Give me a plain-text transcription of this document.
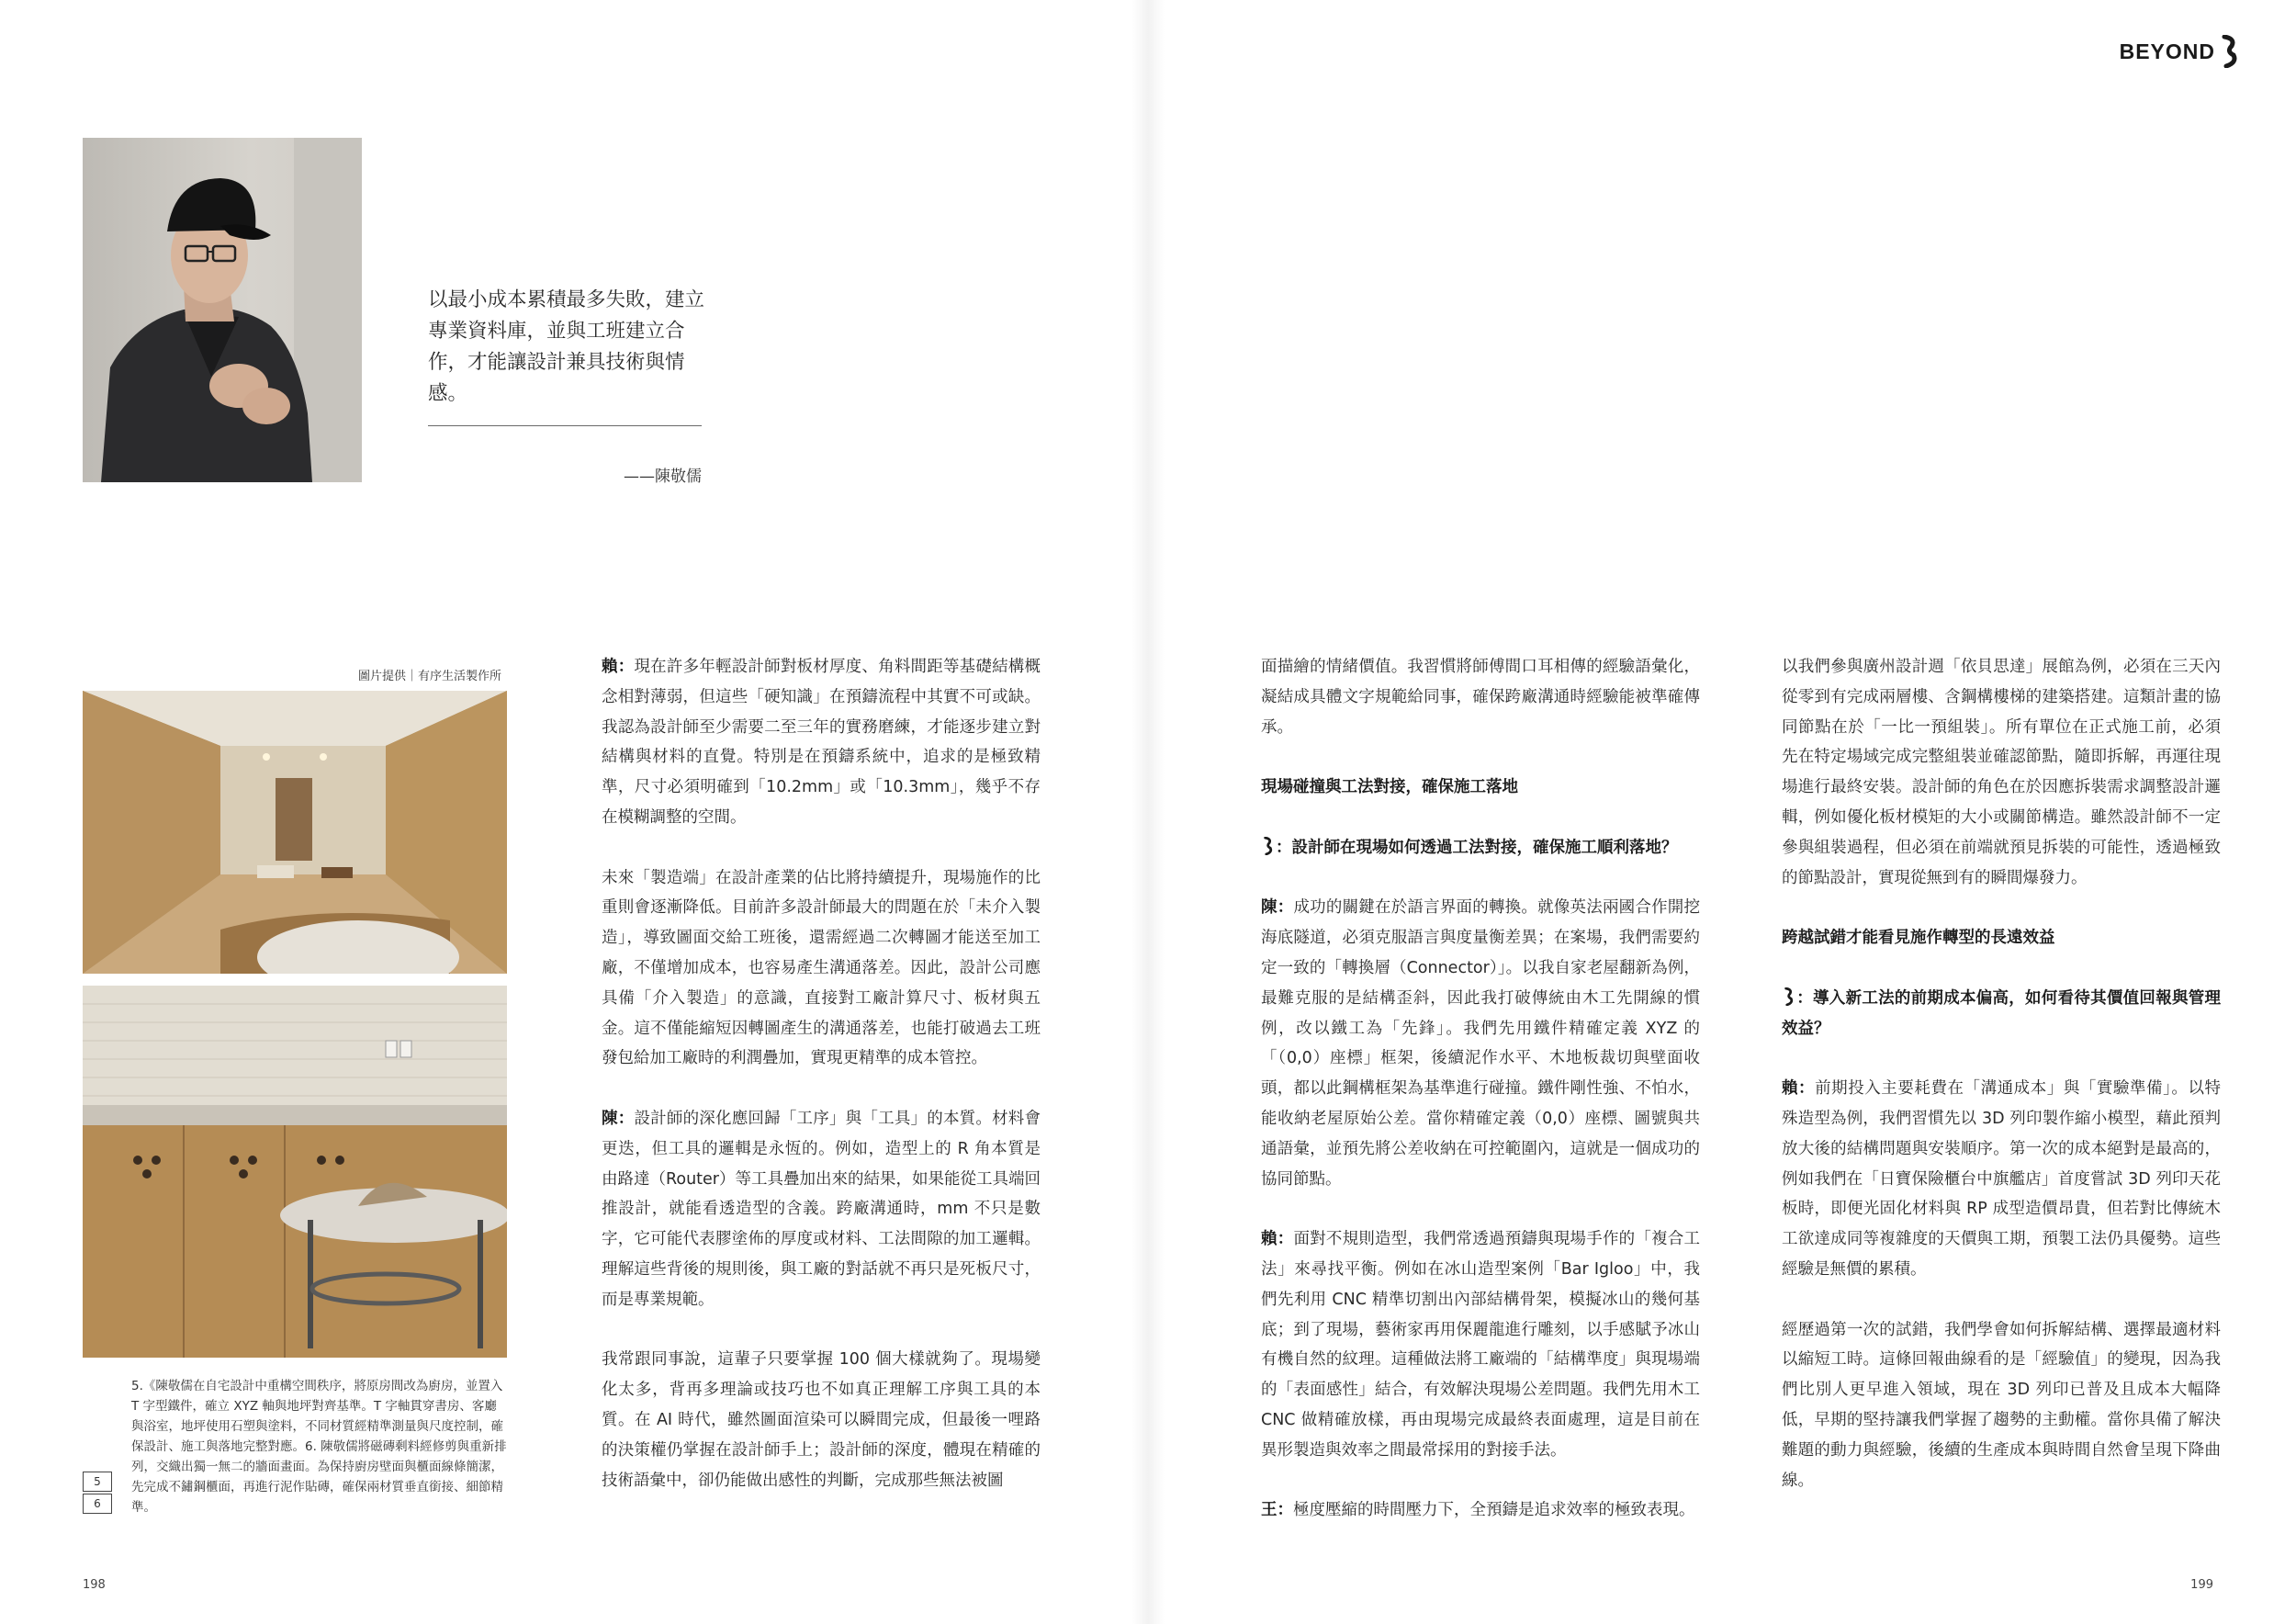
BEYOND
以最小成本累積最多失敗，建立專業資料庫，並與工班建立合作，才能讓設計兼具技術與情感。
——陳敬儒
圖片提供｜有序生活製作所
5.《陳敬儒在自宅設計中重構空間秩序，將原房間改為廚房，並置入 T 字型鐵件，確立 XYZ 軸與地坪對齊基準。T 字軸貫穿書房、客廳與浴室，地坪使用石塑與塗料，不同材質經精準測量與尺度控制，確保設計、施工與落地完整對應。6. 陳敬儒將磁磚剩料經修剪與重新排列，交織出獨一無二的牆面畫面。為保持廚房壁面與櫃面線條簡潔，先完成不鏽鋼櫃面，再進行泥作貼磚，確保兩材質垂直銜接、細節精準。
5
6

賴：現在許多年輕設計師對板材厚度、角料間距等基礎結構概念相對薄弱，但這些「硬知識」在預鑄流程中其實不可或缺。我認為設計師至少需要二至三年的實務磨練，才能逐步建立對結構與材料的直覺。特別是在預鑄系統中，追求的是極致精準，尺寸必須明確到「10.2mm」或「10.3mm」，幾乎不存在模糊調整的空間。

未來「製造端」在設計產業的佔比將持續提升，現場施作的比重則會逐漸降低。目前許多設計師最大的問題在於「未介入製造」，導致圖面交給工班後，還需經過二次轉圖才能送至加工廠，不僅增加成本，也容易產生溝通落差。因此，設計公司應具備「介入製造」的意識，直接對工廠計算尺寸、板材與五金。這不僅能縮短因轉圖產生的溝通落差，也能打破過去工班發包給加工廠時的利潤疊加，實現更精準的成本管控。

陳：設計師的深化應回歸「工序」與「工具」的本質。材料會更迭，但工具的邏輯是永恆的。例如，造型上的 R 角本質是由路達（Router）等工具疊加出來的結果，如果能從工具端回推設計，就能看透造型的含義。跨廠溝通時，mm 不只是數字，它可能代表膠塗佈的厚度或材料、工法間隙的加工邏輯。理解這些背後的規則後，與工廠的對話就不再只是死板尺寸，而是專業規範。

我常跟同事說，這輩子只要掌握 100 個大樣就夠了。現場變化太多，背再多理論或技巧也不如真正理解工序與工具的本質。在 AI 時代，雖然圖面渲染可以瞬間完成，但最後一哩路的決策權仍掌握在設計師手上；設計師的深度，體現在精確的技術語彙中，卻仍能做出感性的判斷，完成那些無法被圖

面描繪的情緒價值。我習慣將師傅間口耳相傳的經驗語彙化，凝結成具體文字規範給同事，確保跨廠溝通時經驗能被準確傳承。

現場碰撞與工法對接，確保施工落地

：設計師在現場如何透過工法對接，確保施工順利落地？

陳：成功的關鍵在於語言界面的轉換。就像英法兩國合作開挖海底隧道，必須克服語言與度量衡差異；在案場，我們需要約定一致的「轉換層（Connector）」。以我自家老屋翻新為例，最難克服的是結構歪斜，因此我打破傳統由木工先開線的慣例，改以鐵工為「先鋒」。我們先用鐵件精確定義 XYZ 的「（0,0）座標」框架，後續泥作水平、木地板裁切與壁面收頭，都以此鋼構框架為基準進行碰撞。鐵件剛性強、不怕水，能收納老屋原始公差。當你精確定義（0,0）座標、圖號與共通語彙，並預先將公差收納在可控範圍內，這就是一個成功的協同節點。

賴：面對不規則造型，我們常透過預鑄與現場手作的「複合工法」來尋找平衡。例如在冰山造型案例「Bar Igloo」中，我們先利用 CNC 精準切割出內部結構骨架，模擬冰山的幾何基底；到了現場，藝術家再用保麗龍進行雕刻，以手感賦予冰山有機自然的紋理。這種做法將工廠端的「結構準度」與現場端的「表面感性」結合，有效解決現場公差問題。我們先用木工 CNC 做精確放樣，再由現場完成最終表面處理，這是目前在異形製造與效率之間最常採用的對接手法。

王：極度壓縮的時間壓力下，全預鑄是追求效率的極致表現。

以我們參與廣州設計週「依貝思達」展館為例，必須在三天內從零到有完成兩層樓、含鋼構樓梯的建築搭建。這類計畫的協同節點在於「一比一預組裝」。所有單位在正式施工前，必須先在特定場域完成完整組裝並確認節點，隨即拆解，再運往現場進行最終安裝。設計師的角色在於因應拆裝需求調整設計邏輯，例如優化板材模矩的大小或關節構造。雖然設計師不一定參與組裝過程，但必須在前端就預見拆裝的可能性，透過極致的節點設計，實現從無到有的瞬間爆發力。

跨越試錯才能看見施作轉型的長遠效益

：導入新工法的前期成本偏高，如何看待其價值回報與管理效益？

賴：前期投入主要耗費在「溝通成本」與「實驗準備」。以特殊造型為例，我們習慣先以 3D 列印製作縮小模型，藉此預判放大後的結構問題與安裝順序。第一次的成本絕對是最高的，例如我們在「日寶保險櫃台中旗艦店」首度嘗試 3D 列印天花板時，即便光固化材料與 RP 成型造價昂貴，但若對比傳統木工欲達成同等複雜度的天價與工期，預製工法仍具優勢。這些經驗是無價的累積。

經歷過第一次的試錯，我們學會如何拆解結構、選擇最適材料以縮短工時。這條回報曲線看的是「經驗值」的變現，因為我們比別人更早進入領域，現在 3D 列印已普及且成本大幅降低，早期的堅持讓我們掌握了趨勢的主動權。當你具備了解決難題的動力與經驗，後續的生產成本與時間自然會呈現下降曲線。

198	199
